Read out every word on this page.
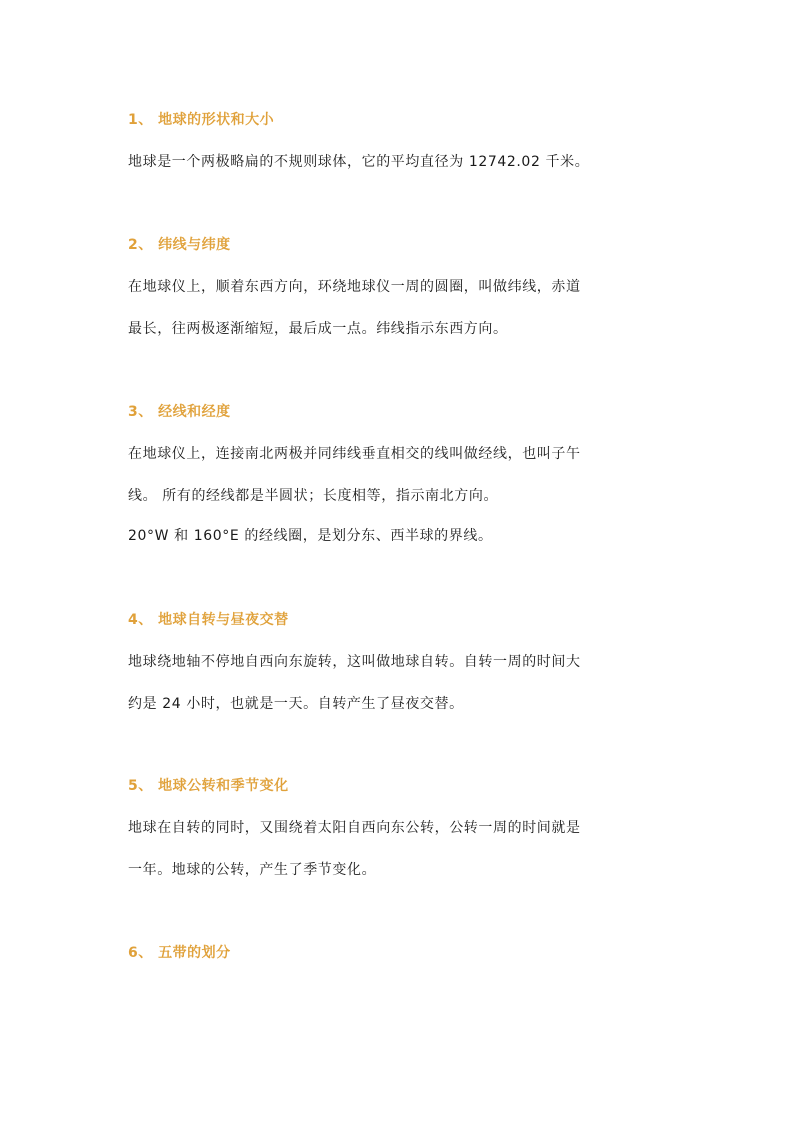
1、 地球的形状和大小
地球是一个两极略扁的不规则球体，它的平均直径为 12742.02 千米。
2、 纬线与纬度
在地球仪上，顺着东西方向，环绕地球仪一周的圆圈，叫做纬线，赤道
最长，往两极逐渐缩短，最后成一点。纬线指示东西方向。
3、 经线和经度
在地球仪上，连接南北两极并同纬线垂直相交的线叫做经线，也叫子午
线。 所有的经线都是半圆状；长度相等，指示南北方向。
20°W 和 160°E 的经线圈，是划分东、西半球的界线。
4、 地球自转与昼夜交替
地球绕地轴不停地自西向东旋转，这叫做地球自转。自转一周的时间大
约是 24 小时，也就是一天。自转产生了昼夜交替。
5、 地球公转和季节变化
地球在自转的同时，又围绕着太阳自西向东公转，公转一周的时间就是
一年。地球的公转，产生了季节变化。
6、 五带的划分
